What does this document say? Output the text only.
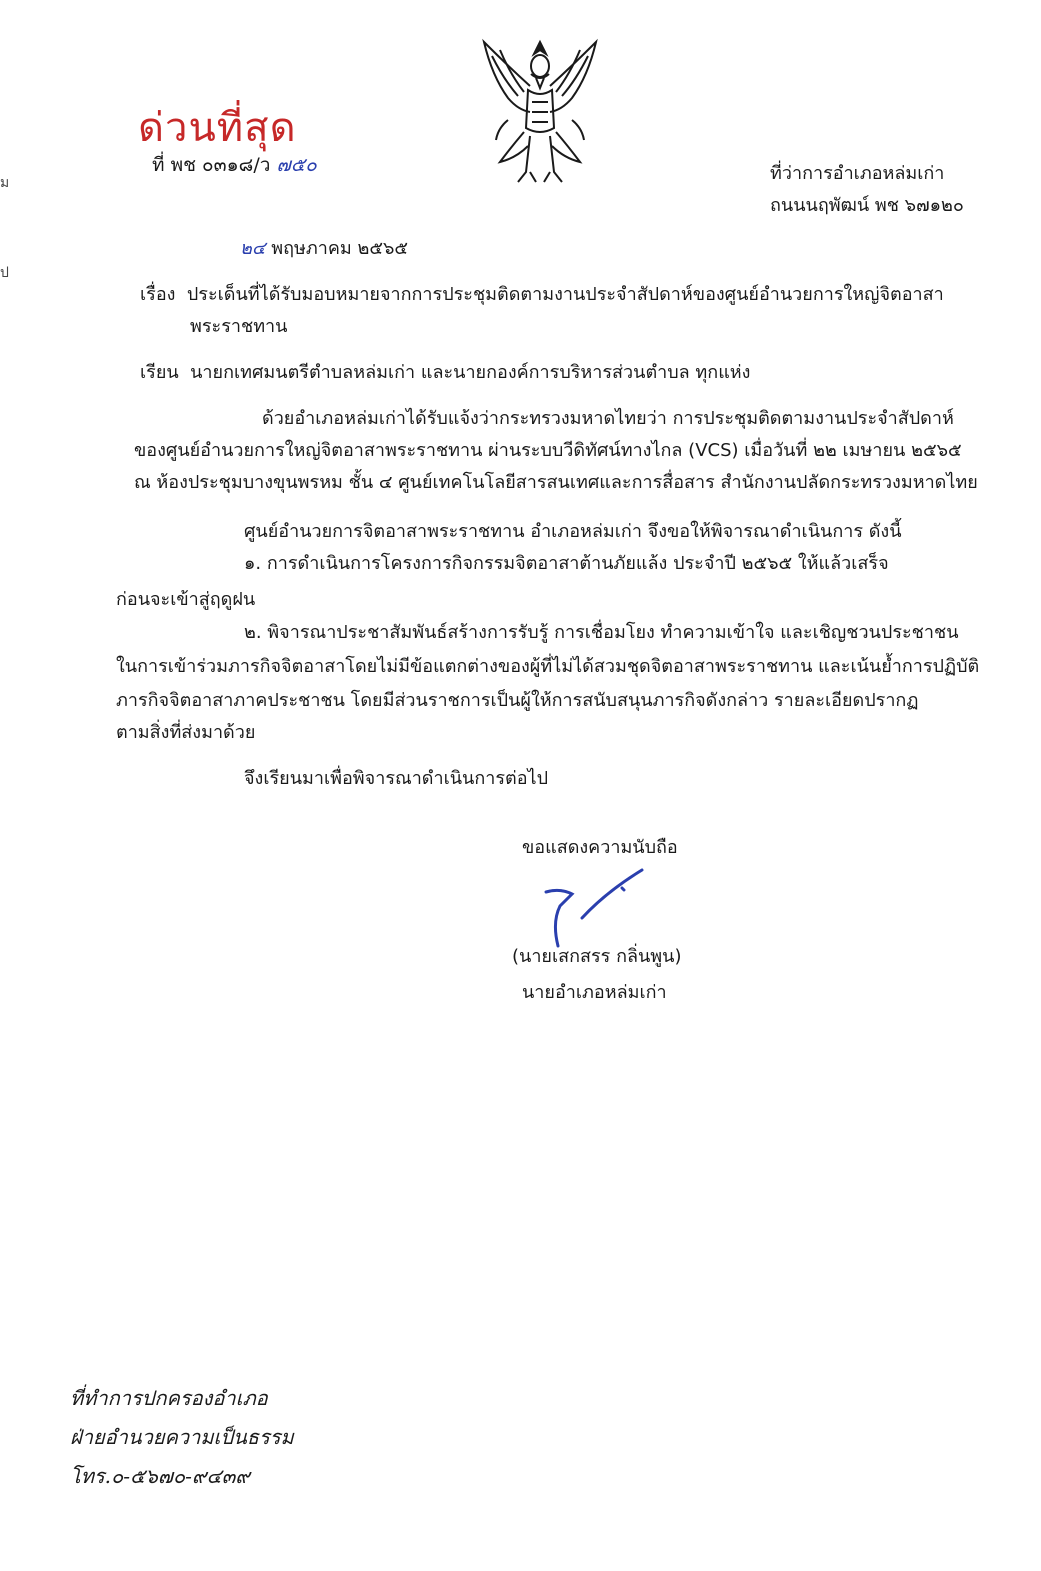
ม
ป
ด่วนที่สุด
ที่ พช ๐๓๑๘/ว ๗๕๐	ที่ว่าการอำเภอหล่มเก่า
ถนนนฤพัฒน์ พช ๖๗๑๒๐
๒๔ พฤษภาคม ๒๕๖๕
เรื่อง ประเด็นที่ได้รับมอบหมายจากการประชุมติดตามงานประจำสัปดาห์ของศูนย์อำนวยการใหญ่จิตอาสา
พระราชทาน
เรียน นายกเทศมนตรีตำบลหล่มเก่า และนายกองค์การบริหารส่วนตำบล ทุกแห่ง
ด้วยอำเภอหล่มเก่าได้รับแจ้งว่ากระทรวงมหาดไทยว่า การประชุมติดตามงานประจำสัปดาห์
ของศูนย์อำนวยการใหญ่จิตอาสาพระราชทาน ผ่านระบบวีดิทัศน์ทางไกล (VCS) เมื่อวันที่ ๒๒ เมษายน ๒๕๖๕
ณ ห้องประชุมบางขุนพรหม ชั้น ๔ ศูนย์เทคโนโลยีสารสนเทศและการสื่อสาร สำนักงานปลัดกระทรวงมหาดไทย
ศูนย์อำนวยการจิตอาสาพระราชทาน อำเภอหล่มเก่า จึงขอให้พิจารณาดำเนินการ ดังนี้
๑. การดำเนินการโครงการกิจกรรมจิตอาสาต้านภัยแล้ง ประจำปี ๒๕๖๕ ให้แล้วเสร็จ
ก่อนจะเข้าสู่ฤดูฝน
๒. พิจารณาประชาสัมพันธ์สร้างการรับรู้ การเชื่อมโยง ทำความเข้าใจ และเชิญชวนประชาชน
ในการเข้าร่วมภารกิจจิตอาสาโดยไม่มีข้อแตกต่างของผู้ที่ไม่ได้สวมชุดจิตอาสาพระราชทาน และเน้นย้ำการปฏิบัติ
ภารกิจจิตอาสาภาคประชาชน โดยมีส่วนราชการเป็นผู้ให้การสนับสนุนภารกิจดังกล่าว รายละเอียดปรากฏ
ตามสิ่งที่ส่งมาด้วย
จึงเรียนมาเพื่อพิจารณาดำเนินการต่อไป
ขอแสดงความนับถือ
(นายเสกสรร กลิ่นพูน)
นายอำเภอหล่มเก่า
ที่ทำการปกครองอำเภอ
ฝ่ายอำนวยความเป็นธรรม
โทร.๐-๕๖๗๐-๙๔๓๙
